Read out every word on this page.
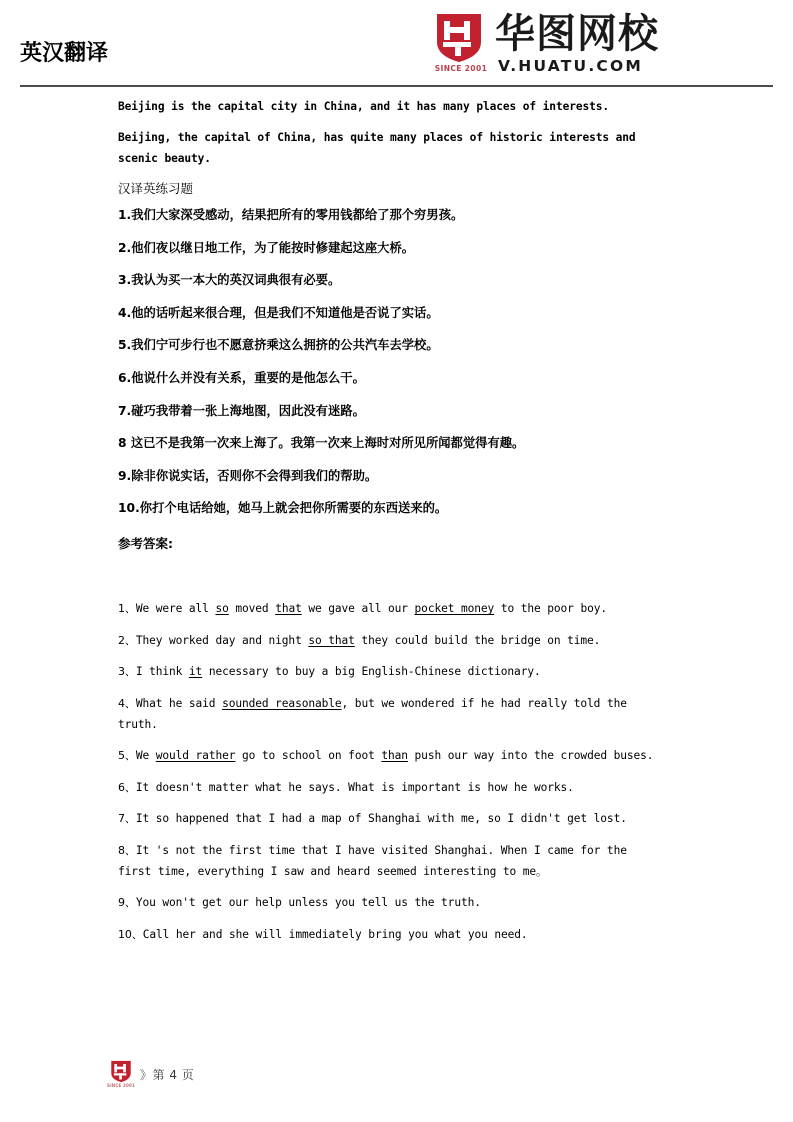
英汉翻译
SINCE 2001
华图网校
V.HUATU.COM

Beijing is the capital city in China, and it has many places of interests.

Beijing, the capital of China, has quite many places of historic interests and scenic beauty.

汉译英练习题

1.我们大家深受感动，结果把所有的零用钱都给了那个穷男孩。

2.他们夜以继日地工作，为了能按时修建起这座大桥。

3.我认为买一本大的英汉词典很有必要。

4.他的话听起来很合理，但是我们不知道他是否说了实话。

5.我们宁可步行也不愿意挤乘这么拥挤的公共汽车去学校。

6.他说什么并没有关系，重要的是他怎么干。

7.碰巧我带着一张上海地图，因此没有迷路。

8 这已不是我第一次来上海了。我第一次来上海时对所见所闻都觉得有趣。

9.除非你说实话，否则你不会得到我们的帮助。

10.你打个电话给她，她马上就会把你所需要的东西送来的。

参考答案:

1、We were all so moved that we gave all our pocket money to the poor boy.

2、They worked day and night so that they could build the bridge on time.

3、I think it necessary to buy a big English-Chinese dictionary.

4、What he said sounded reasonable, but we wondered if he had really told the truth.

5、We would rather go to school on foot than push our way into the crowded buses.

6、It doesn't matter what he says. What is important is how he works.

7、It so happened that I had a map of Shanghai with me, so I didn't get lost.

8、It 's not the first time that I have visited Shanghai. When I came for the first time, everything I saw and heard seemed interesting to me。

9、You won't get our help unless you tell us the truth.

10、Call her and she will immediately bring you what you need.

SINCE 2001
》第 4 页
